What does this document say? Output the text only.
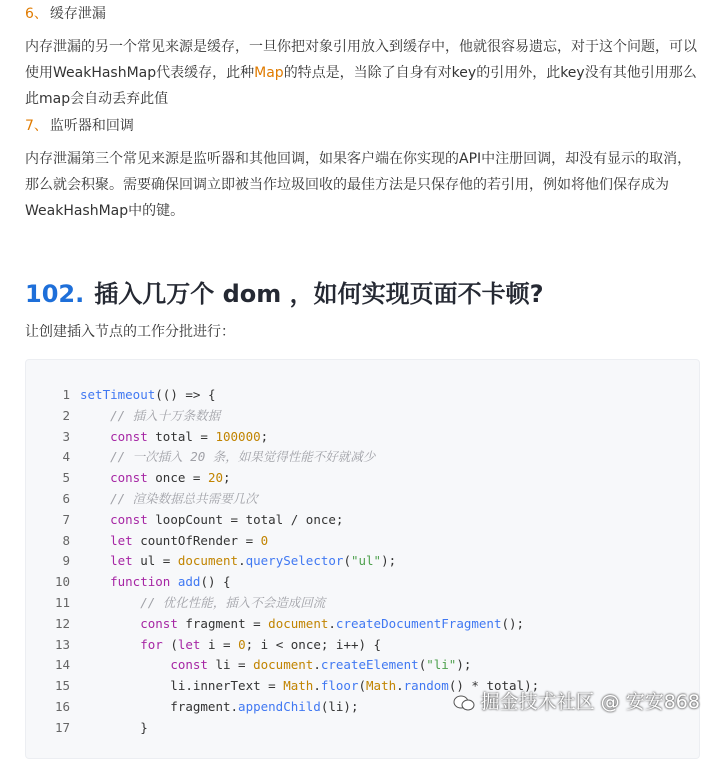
6、 缓存泄漏
内存泄漏的另一个常见来源是缓存，一旦你把对象引用放入到缓存中，他就很容易遗忘，对于这个问题，可以使用WeakHashMap代表缓存，此种Map的特点是，当除了自身有对key的引用外，此key没有其他引用那么此map会自动丢弃此值
7、 监听器和回调
内存泄漏第三个常见来源是监听器和其他回调，如果客户端在你实现的API中注册回调，却没有显示的取消，那么就会积聚。需要确保回调立即被当作垃圾回收的最佳方法是只保存他的若引用，例如将他们保存成为WeakHashMap中的键。
102. 插入几万个 dom ，如何实现页面不卡顿?
让创建插入节点的工作分批进行：
1 setTimeout(() => {
2	// 插入十万条数据
3	const total = 100000;
4	// 一次插入 20 条，如果觉得性能不好就减少
5	const once = 20;
6	// 渲染数据总共需要几次
7	const loopCount = total / once;
8	let countOfRender = 0
9	let ul = document.querySelector("ul");
10	function add() {
11	// 优化性能，插入不会造成回流
12	const fragment = document.createDocumentFragment();
13	for (let i = 0; i < once; i++) {
14	const li = document.createElement("li");
15 li.innerText = Math.floor(Math.random() * total);
16 fragment.appendChild(li);
17 }
掘金技术社区 @ 安安868
